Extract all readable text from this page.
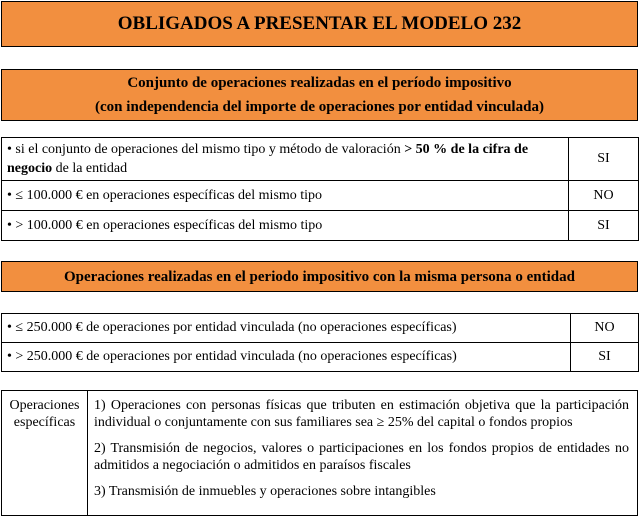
OBLIGADOS A PRESENTAR EL MODELO 232
Conjunto de operaciones realizadas en el período impositivo
(con independencia del importe de operaciones por entidad vinculada)
• si el conjunto de operaciones del mismo tipo y método de valoración > 50 % de la cifra de negocio de la entidad	SI
• ≤ 100.000 € en operaciones específicas del mismo tipo	NO
• > 100.000 € en operaciones específicas del mismo tipo	SI
Operaciones realizadas en el periodo impositivo con la misma persona o entidad
• ≤ 250.000 € de operaciones por entidad vinculada (no operaciones específicas)	NO
• > 250.000 € de operaciones por entidad vinculada (no operaciones específicas)	SI
Operaciones específicas

1) Operaciones con personas físicas que tributen en estimación objetiva que la participación individual o conjuntamente con sus familiares sea ≥ 25% del capital o fondos propios

2) Transmisión de negocios, valores o participaciones en los fondos propios de entidades no admitidos a negociación o admitidos en paraísos fiscales

3) Transmisión de inmuebles y operaciones sobre intangibles
